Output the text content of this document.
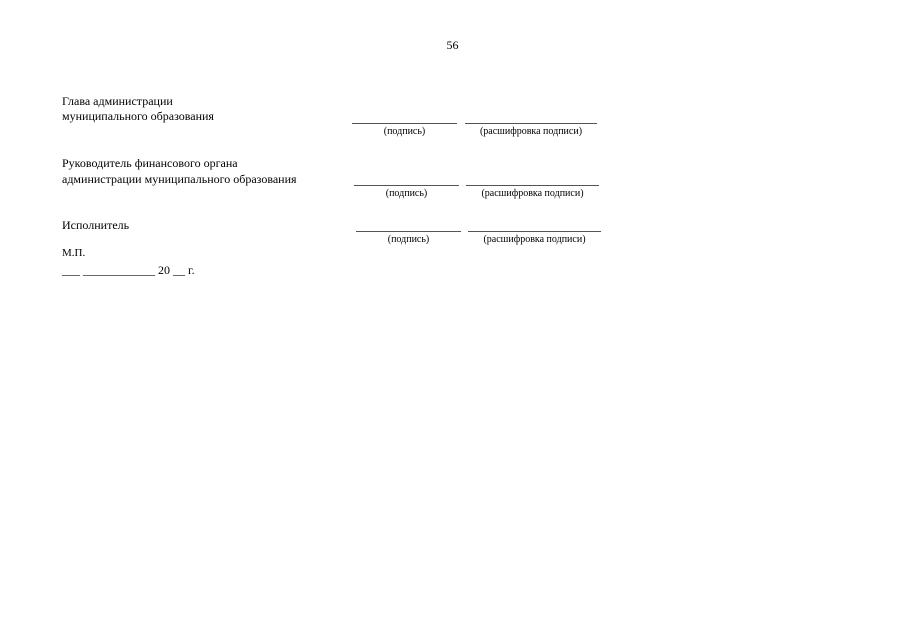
56
Глава администрации
муниципального образования
(подпись)	(расшифровка подписи)
Руководитель финансового органа
администрации муниципального образования
(подпись)	(расшифровка подписи)
Исполнитель
(подпись)	(расшифровка подписи)
М.П.
___ ____________ 20 __ г.
